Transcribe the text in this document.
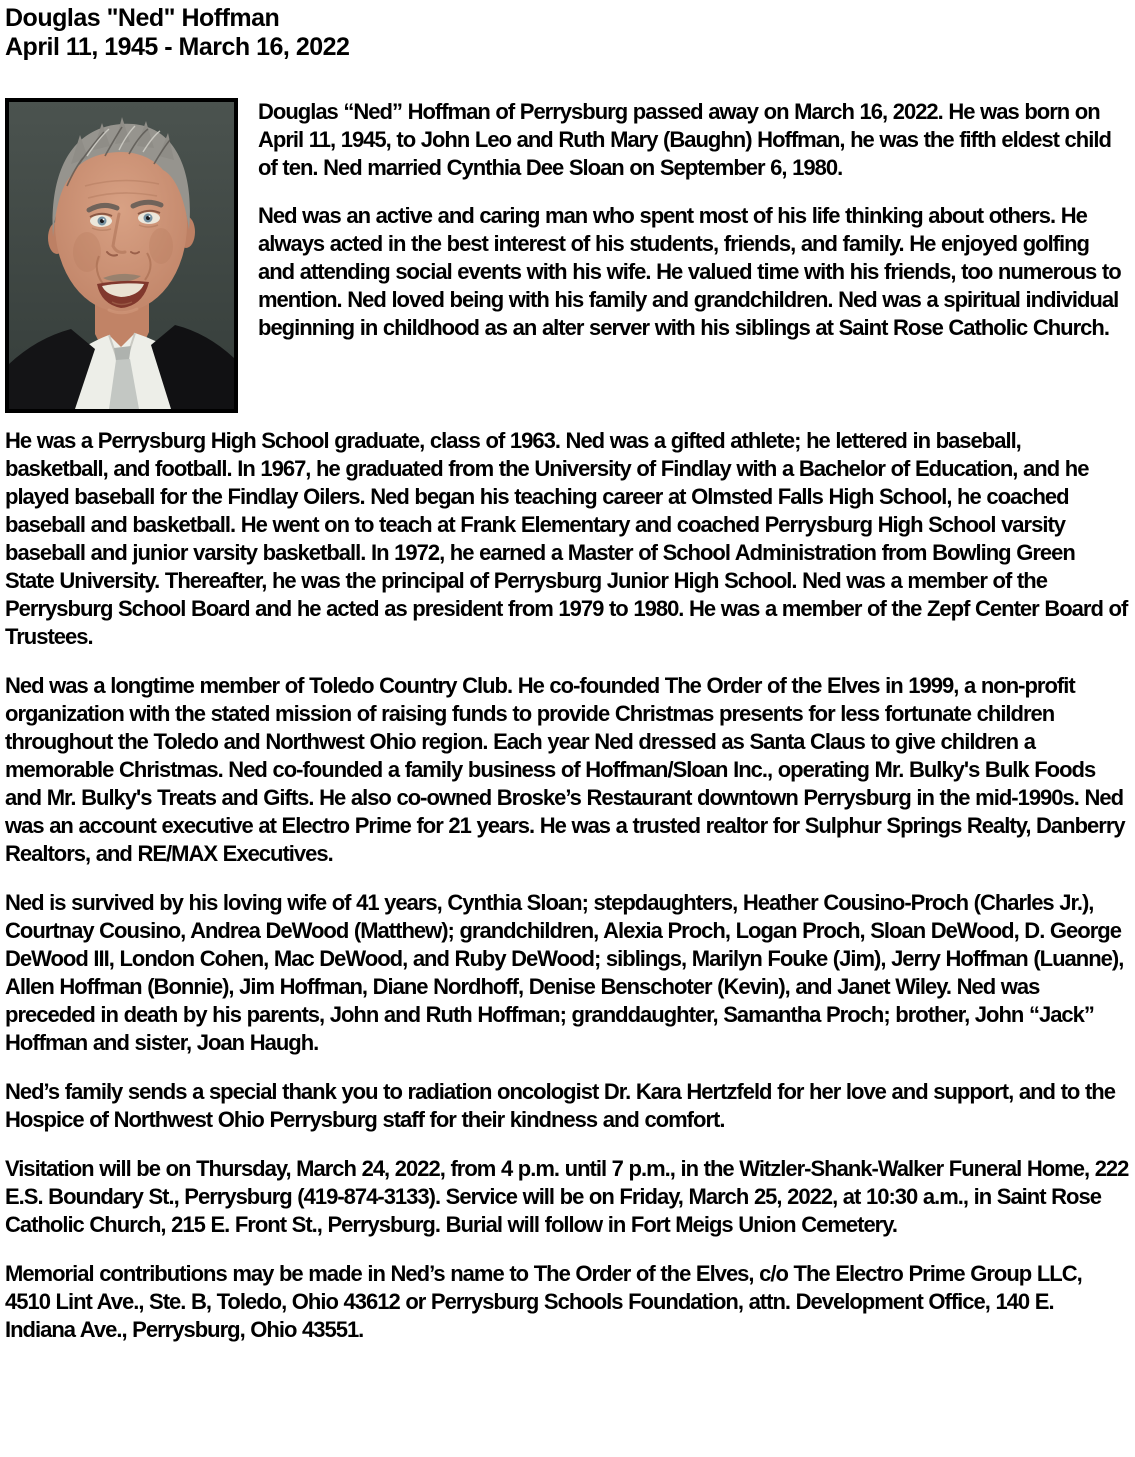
Douglas "Ned" Hoffman
April 11, 1945 - March 16, 2022

Douglas “Ned” Hoffman of Perrysburg passed away on March 16, 2022. He was born on April 11, 1945, to John Leo and Ruth Mary (Baughn) Hoffman, he was the fifth eldest child of ten. Ned married Cynthia Dee Sloan on September 6, 1980.

Ned was an active and caring man who spent most of his life thinking about others. He always acted in the best interest of his students, friends, and family. He enjoyed golfing and attending social events with his wife. He valued time with his friends, too numerous to mention. Ned loved being with his family and grandchildren. Ned was a spiritual individual beginning in childhood as an alter server with his siblings at Saint Rose Catholic Church.

He was a Perrysburg High School graduate, class of 1963. Ned was a gifted athlete; he lettered in baseball, basketball, and football. In 1967, he graduated from the University of Findlay with a Bachelor of Education, and he played baseball for the Findlay Oilers. Ned began his teaching career at Olmsted Falls High School, he coached baseball and basketball. He went on to teach at Frank Elementary and coached Perrysburg High School varsity baseball and junior varsity basketball. In 1972, he earned a Master of School Administration from Bowling Green State University. Thereafter, he was the principal of Perrysburg Junior High School. Ned was a member of the Perrysburg School Board and he acted as president from 1979 to 1980. He was a member of the Zepf Center Board of Trustees.

Ned was a longtime member of Toledo Country Club. He co-founded The Order of the Elves in 1999, a non-profit organization with the stated mission of raising funds to provide Christmas presents for less fortunate children throughout the Toledo and Northwest Ohio region. Each year Ned dressed as Santa Claus to give children a memorable Christmas. Ned co-founded a family business of Hoffman/Sloan Inc., operating Mr. Bulky's Bulk Foods and Mr. Bulky's Treats and Gifts. He also co-owned Broske’s Restaurant downtown Perrysburg in the mid-1990s. Ned was an account executive at Electro Prime for 21 years. He was a trusted realtor for Sulphur Springs Realty, Danberry Realtors, and RE/MAX Executives.

Ned is survived by his loving wife of 41 years, Cynthia Sloan; stepdaughters, Heather Cousino-Proch (Charles Jr.), Courtnay Cousino, Andrea DeWood (Matthew); grandchildren, Alexia Proch, Logan Proch, Sloan DeWood, D. George DeWood III, London Cohen, Mac DeWood, and Ruby DeWood; siblings, Marilyn Fouke (Jim), Jerry Hoffman (Luanne), Allen Hoffman (Bonnie), Jim Hoffman, Diane Nordhoff, Denise Benschoter (Kevin), and Janet Wiley. Ned was preceded in death by his parents, John and Ruth Hoffman; granddaughter, Samantha Proch; brother, John “Jack” Hoffman and sister, Joan Haugh.

Ned’s family sends a special thank you to radiation oncologist Dr. Kara Hertzfeld for her love and support, and to the Hospice of Northwest Ohio Perrysburg staff for their kindness and comfort.

Visitation will be on Thursday, March 24, 2022, from 4 p.m. until 7 p.m., in the Witzler-Shank-Walker Funeral Home, 222 E.S. Boundary St., Perrysburg (419-874-3133). Service will be on Friday, March 25, 2022, at 10:30 a.m., in Saint Rose Catholic Church, 215 E. Front St., Perrysburg. Burial will follow in Fort Meigs Union Cemetery.

Memorial contributions may be made in Ned’s name to The Order of the Elves, c/o The Electro Prime Group LLC, 4510 Lint Ave., Ste. B, Toledo, Ohio 43612 or Perrysburg Schools Foundation, attn. Development Office, 140 E. Indiana Ave., Perrysburg, Ohio 43551.
